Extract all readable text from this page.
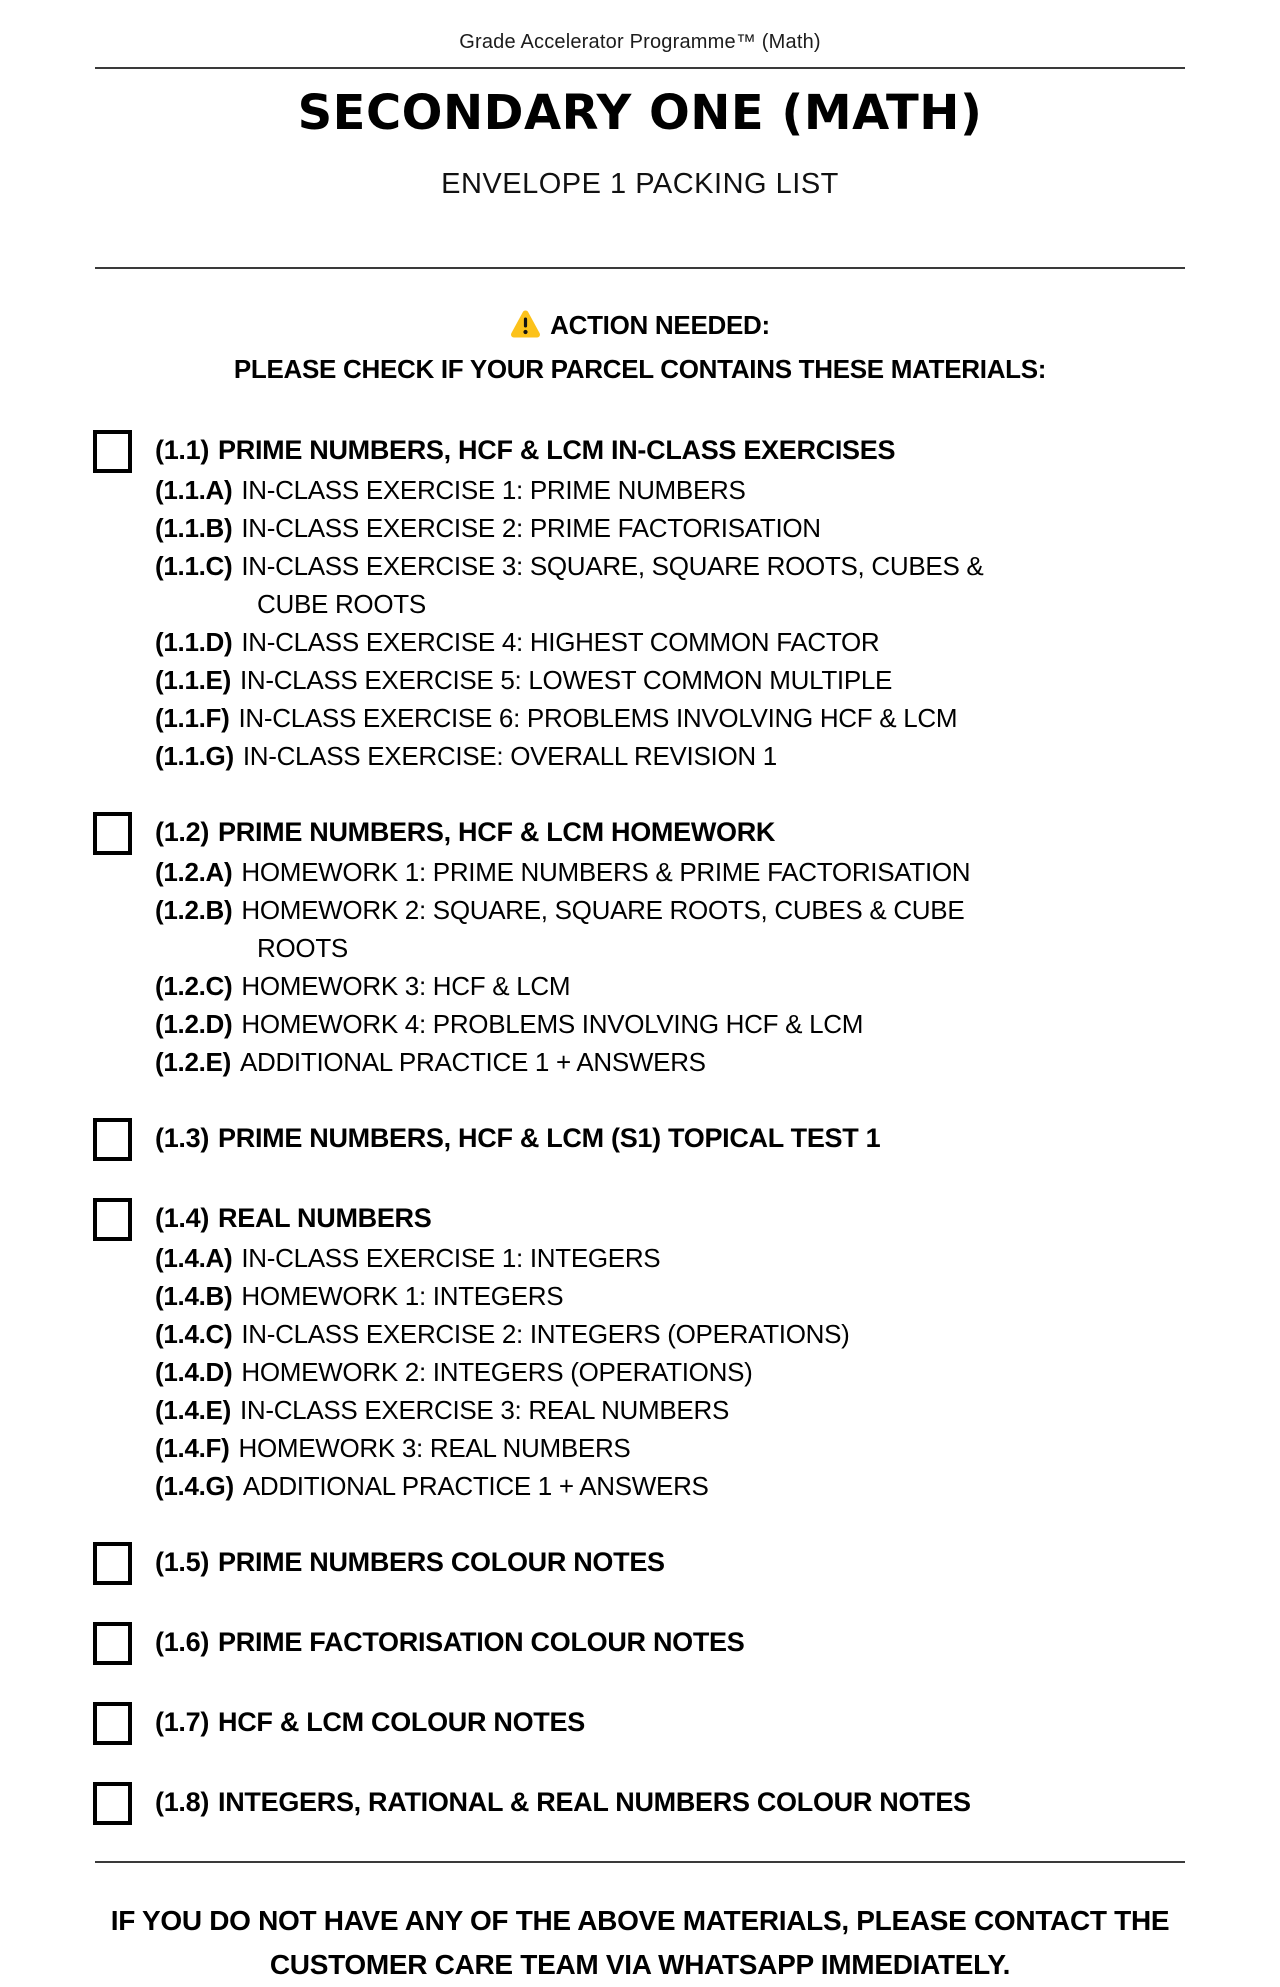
Grade Accelerator Programme™ (Math)
SECONDARY ONE (MATH)
ENVELOPE 1 PACKING LIST
ACTION NEEDED:
PLEASE CHECK IF YOUR PARCEL CONTAINS THESE MATERIALS:
(1.1) PRIME NUMBERS, HCF & LCM IN-CLASS EXERCISES
(1.1.A) IN-CLASS EXERCISE 1: PRIME NUMBERS
(1.1.B) IN-CLASS EXERCISE 2: PRIME FACTORISATION
(1.1.C) IN-CLASS EXERCISE 3: SQUARE, SQUARE ROOTS, CUBES & CUBE ROOTS
(1.1.D) IN-CLASS EXERCISE 4: HIGHEST COMMON FACTOR
(1.1.E) IN-CLASS EXERCISE 5: LOWEST COMMON MULTIPLE
(1.1.F) IN-CLASS EXERCISE 6: PROBLEMS INVOLVING HCF & LCM
(1.1.G) IN-CLASS EXERCISE: OVERALL REVISION 1
(1.2) PRIME NUMBERS, HCF & LCM HOMEWORK
(1.2.A) HOMEWORK 1: PRIME NUMBERS & PRIME FACTORISATION
(1.2.B) HOMEWORK 2: SQUARE, SQUARE ROOTS, CUBES & CUBE ROOTS
(1.2.C) HOMEWORK 3: HCF & LCM
(1.2.D) HOMEWORK 4: PROBLEMS INVOLVING HCF & LCM
(1.2.E) ADDITIONAL PRACTICE 1 + ANSWERS
(1.3) PRIME NUMBERS, HCF & LCM (S1) TOPICAL TEST 1
(1.4) REAL NUMBERS
(1.4.A) IN-CLASS EXERCISE 1: INTEGERS
(1.4.B) HOMEWORK 1: INTEGERS
(1.4.C) IN-CLASS EXERCISE 2: INTEGERS (OPERATIONS)
(1.4.D) HOMEWORK 2: INTEGERS (OPERATIONS)
(1.4.E) IN-CLASS EXERCISE 3: REAL NUMBERS
(1.4.F) HOMEWORK 3: REAL NUMBERS
(1.4.G) ADDITIONAL PRACTICE 1 + ANSWERS
(1.5) PRIME NUMBERS COLOUR NOTES
(1.6) PRIME FACTORISATION COLOUR NOTES
(1.7) HCF & LCM COLOUR NOTES
(1.8) INTEGERS, RATIONAL & REAL NUMBERS COLOUR NOTES
IF YOU DO NOT HAVE ANY OF THE ABOVE MATERIALS, PLEASE CONTACT THE CUSTOMER CARE TEAM VIA WHATSAPP IMMEDIATELY.
